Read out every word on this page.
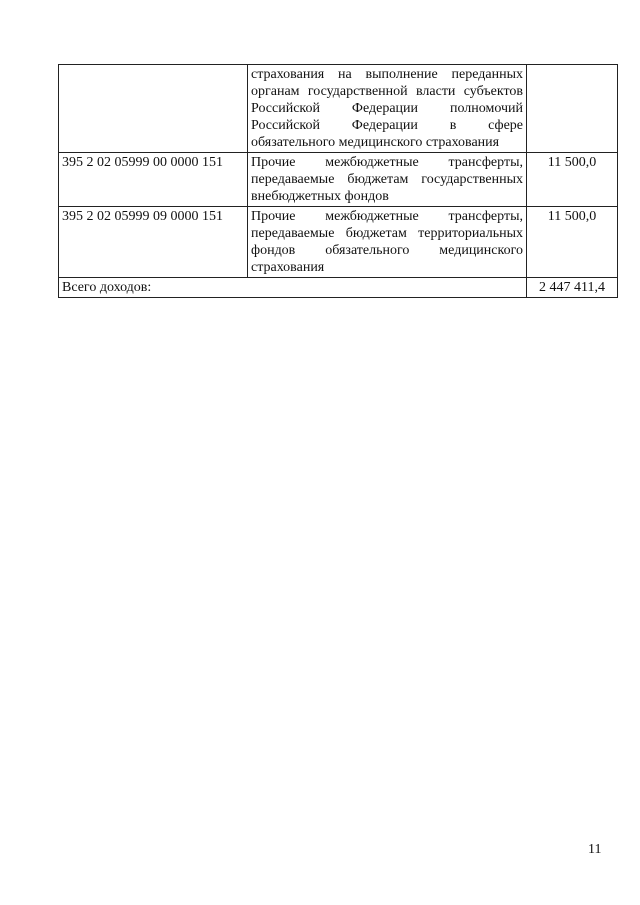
	страхования на выполнение переданных органам государственной власти субъектов Российской Федерации полномочий Российской Федерации в сфере обязательного медицинского страхования	

395 2 02 05999 00 0000 151	Прочие межбюджетные трансферты, передаваемые бюджетам государственных внебюджетных фондов	11 500,0
395 2 02 05999 09 0000 151	Прочие межбюджетные трансферты, передаваемые бюджетам территориальных фондов обязательного медицинского страхования	11 500,0
Всего доходов:		2 447 411,4
11
